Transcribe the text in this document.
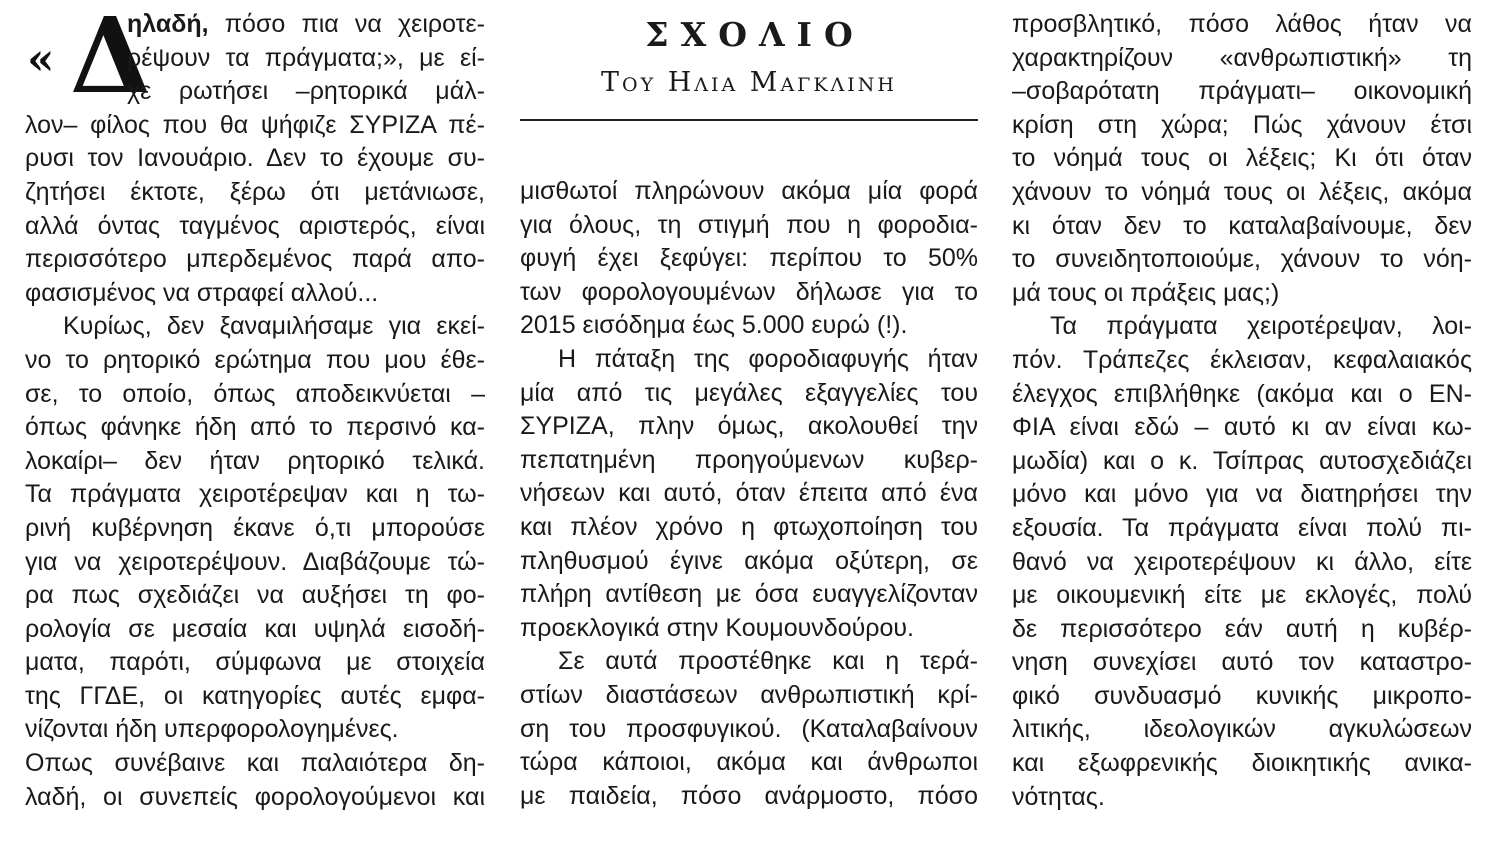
ΣΧΟΛΙΟ
Του Ηλια Μαγκλινη
« Δ
ηλαδή, πόσο πια να χειροτε-
ρέψουν τα πράγματα;», με εί-
χε ρωτήσει –ρητορικά μάλ-
λον– φίλος που θα ψήφιζε ΣΥΡΙΖΑ πέ-
ρυσι τον Ιανουάριο. Δεν το έχουμε συ-
ζητήσει έκτοτε, ξέρω ότι μετάνιωσε,
αλλά όντας ταγμένος αριστερός, είναι
περισσότερο μπερδεμένος παρά απο-
φασισμένος να στραφεί αλλού...
Κυρίως, δεν ξαναμιλήσαμε για εκεί-
νο το ρητορικό ερώτημα που μου έθε-
σε, το οποίο, όπως αποδεικνύεται –
όπως φάνηκε ήδη από το περσινό κα-
λοκαίρι– δεν ήταν ρητορικό τελικά.
Τα πράγματα χειροτέρεψαν και η τω-
ρινή κυβέρνηση έκανε ό,τι μπορούσε
για να χειροτερέψουν. Διαβάζουμε τώ-
ρα πως σχεδιάζει να αυξήσει τη φο-
ρολογία σε μεσαία και υψηλά εισοδή-
ματα, παρότι, σύμφωνα με στοιχεία
της ΓΓΔΕ, οι κατηγορίες αυτές εμφα-
νίζονται ήδη υπερφορολογημένες.
Οπως συνέβαινε και παλαιότερα δη-
λαδή, οι συνεπείς φορολογούμενοι και
μισθωτοί πληρώνουν ακόμα μία φορά
για όλους, τη στιγμή που η φοροδια-
φυγή έχει ξεφύγει: περίπου το 50%
των φορολογουμένων δήλωσε για το
2015 εισόδημα έως 5.000 ευρώ (!).
Η πάταξη της φοροδιαφυγής ήταν
μία από τις μεγάλες εξαγγελίες του
ΣΥΡΙΖΑ, πλην όμως, ακολουθεί την
πεπατημένη προηγούμενων κυβερ-
νήσεων και αυτό, όταν έπειτα από ένα
και πλέον χρόνο η φτωχοποίηση του
πληθυσμού έγινε ακόμα οξύτερη, σε
πλήρη αντίθεση με όσα ευαγγελίζονταν
προεκλογικά στην Κουμουνδούρου.
Σε αυτά προστέθηκε και η τερά-
στίων διαστάσεων ανθρωπιστική κρί-
ση του προσφυγικού. (Καταλαβαίνουν
τώρα κάποιοι, ακόμα και άνθρωποι
με παιδεία, πόσο ανάρμοστο, πόσο
προσβλητικό, πόσο λάθος ήταν να
χαρακτηρίζουν «ανθρωπιστική» τη
–σοβαρότατη πράγματι– οικονομική
κρίση στη χώρα; Πώς χάνουν έτσι
το νόημά τους οι λέξεις; Κι ότι όταν
χάνουν το νόημά τους οι λέξεις, ακόμα
κι όταν δεν το καταλαβαίνουμε, δεν
το συνειδητοποιούμε, χάνουν το νόη-
μά τους οι πράξεις μας;)
Τα πράγματα χειροτέρεψαν, λοι-
πόν. Τράπεζες έκλεισαν, κεφαλαιακός
έλεγχος επιβλήθηκε (ακόμα και ο ΕΝ-
ΦΙΑ είναι εδώ – αυτό κι αν είναι κω-
μωδία) και ο κ. Τσίπρας αυτοσχεδιάζει
μόνο και μόνο για να διατηρήσει την
εξουσία. Τα πράγματα είναι πολύ πι-
θανό να χειροτερέψουν κι άλλο, είτε
με οικουμενική είτε με εκλογές, πολύ
δε περισσότερο εάν αυτή η κυβέρ-
νηση συνεχίσει αυτό τον καταστρο-
φικό συνδυασμό κυνικής μικροπο-
λιτικής, ιδεολογικών αγκυλώσεων
και εξωφρενικής διοικητικής ανικα-
νότητας.
